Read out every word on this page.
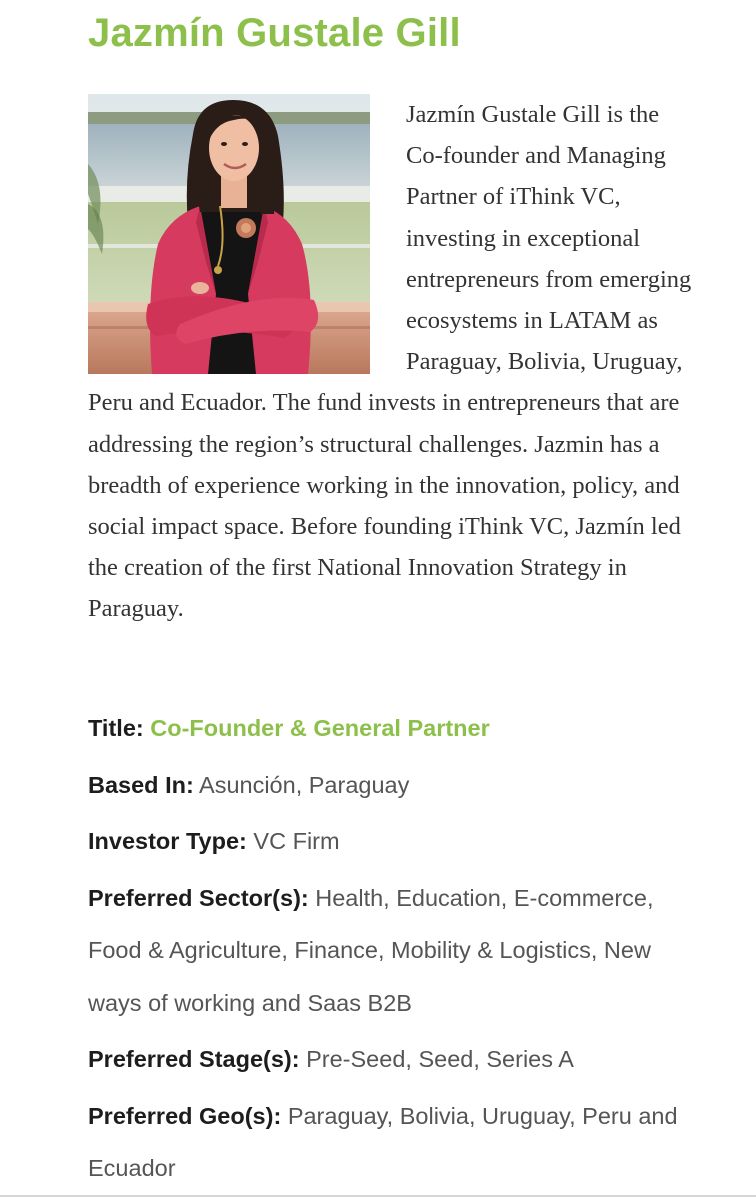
Jazmín Gustale Gill
Jazmín Gustale Gill is the Co-founder and Managing Partner of iThink VC, investing in exceptional entrepreneurs from emerging ecosystems in LATAM as Paraguay, Bolivia, Uruguay, Peru and Ecuador. The fund invests in entrepreneurs that are addressing the region’s structural challenges. Jazmin has a breadth of experience working in the innovation, policy, and social impact space. Before founding iThink VC, Jazmín led the creation of the first National Innovation Strategy in Paraguay.
Title: Co-Founder & General Partner
Based In: Asunción, Paraguay
Investor Type: VC Firm
Preferred Sector(s): Health, Education, E-commerce, Food & Agriculture, Finance, Mobility & Logistics, New ways of working and Saas B2B
Preferred Stage(s): Pre-Seed, Seed, Series A
Preferred Geo(s): Paraguay, Bolivia, Uruguay, Peru and Ecuador
